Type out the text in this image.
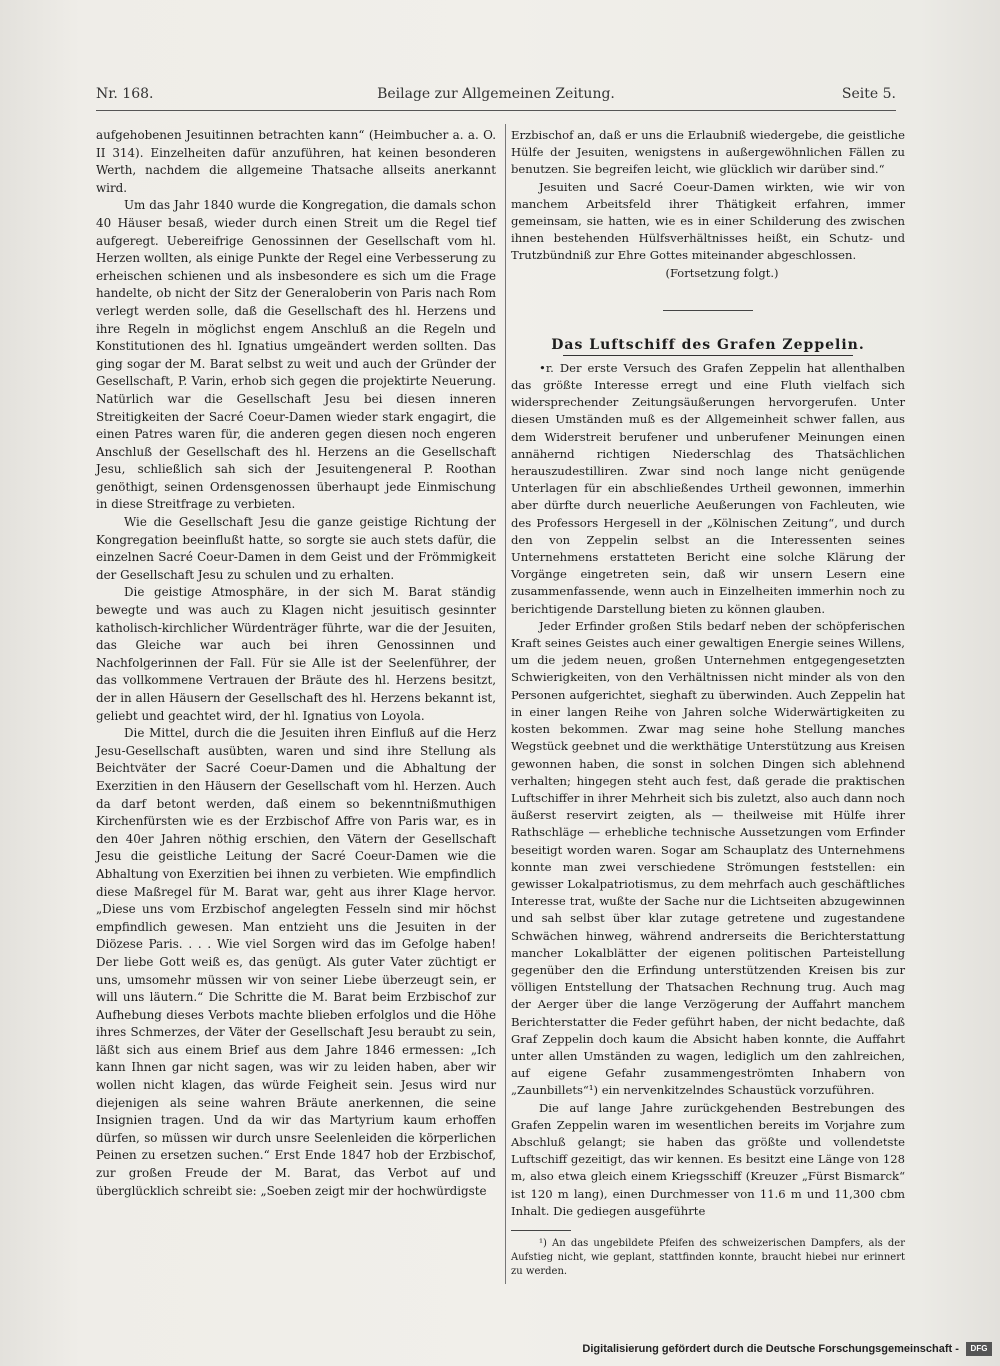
Nr. 168.	Beilage zur Allgemeinen Zeitung.	Seite 5.

aufgehobenen Jesuitinnen betrachten kann“ (Heimbucher a. a. O. II 314). Einzelheiten dafür anzuführen, hat keinen besonderen Werth, nachdem die allgemeine Thatsache allseits anerkannt wird.

Um das Jahr 1840 wurde die Kongregation, die damals schon 40 Häuser besaß, wieder durch einen Streit um die Regel tief aufgeregt. Uebereifrige Genossinnen der Gesellschaft vom hl. Herzen wollten, als einige Punkte der Regel eine Verbesserung zu erheischen schienen und als insbesondere es sich um die Frage handelte, ob nicht der Sitz der Generaloberin von Paris nach Rom verlegt werden solle, daß die Gesellschaft des hl. Herzens und ihre Regeln in möglichst engem Anschluß an die Regeln und Konstitutionen des hl. Ignatius umgeändert werden sollten. Das ging sogar der M. Barat selbst zu weit und auch der Gründer der Gesellschaft, P. Varin, erhob sich gegen die projektirte Neuerung. Natürlich war die Gesellschaft Jesu bei diesen inneren Streitigkeiten der Sacré Coeur-Damen wieder stark engagirt, die einen Patres waren für, die anderen gegen diesen noch engeren Anschluß der Gesellschaft des hl. Herzens an die Gesellschaft Jesu, schließlich sah sich der Jesuitengeneral P. Roothan genöthigt, seinen Ordensgenossen überhaupt jede Einmischung in diese Streitfrage zu verbieten.

Wie die Gesellschaft Jesu die ganze geistige Richtung der Kongregation beeinflußt hatte, so sorgte sie auch stets dafür, die einzelnen Sacré Coeur-Damen in dem Geist und der Frömmigkeit der Gesellschaft Jesu zu schulen und zu erhalten.

Die geistige Atmosphäre, in der sich M. Barat ständig bewegte und was auch zu Klagen nicht jesuitisch gesinnter katholisch-kirchlicher Würdenträger führte, war die der Jesuiten, das Gleiche war auch bei ihren Genossinnen und Nachfolgerinnen der Fall. Für sie Alle ist der Seelenführer, der das vollkommene Vertrauen der Bräute des hl. Herzens besitzt, der in allen Häusern der Gesellschaft des hl. Herzens bekannt ist, geliebt und geachtet wird, der hl. Ignatius von Loyola.

Die Mittel, durch die die Jesuiten ihren Einfluß auf die Herz Jesu-Gesellschaft ausübten, waren und sind ihre Stellung als Beichtväter der Sacré Coeur-Damen und die Abhaltung der Exerzitien in den Häusern der Gesellschaft vom hl. Herzen. Auch da darf betont werden, daß einem so bekenntnißmuthigen Kirchenfürsten wie es der Erzbischof Affre von Paris war, es in den 40er Jahren nöthig erschien, den Vätern der Gesellschaft Jesu die geistliche Leitung der Sacré Coeur-Damen wie die Abhaltung von Exerzitien bei ihnen zu verbieten. Wie empfindlich diese Maßregel für M. Barat war, geht aus ihrer Klage hervor. „Diese uns vom Erzbischof angelegten Fesseln sind mir höchst empfindlich gewesen. Man entzieht uns die Jesuiten in der Diözese Paris. . . . Wie viel Sorgen wird das im Gefolge haben! Der liebe Gott weiß es, das genügt. Als guter Vater züchtigt er uns, umsomehr müssen wir von seiner Liebe überzeugt sein, er will uns läutern.“ Die Schritte die M. Barat beim Erzbischof zur Aufhebung dieses Verbots machte blieben erfolglos und die Höhe ihres Schmerzes, der Väter der Gesellschaft Jesu beraubt zu sein, läßt sich aus einem Brief aus dem Jahre 1846 ermessen: „Ich kann Ihnen gar nicht sagen, was wir zu leiden haben, aber wir wollen nicht klagen, das würde Feigheit sein. Jesus wird nur diejenigen als seine wahren Bräute anerkennen, die seine Insignien tragen. Und da wir das Martyrium kaum erhoffen dürfen, so müssen wir durch unsre Seelenleiden die körperlichen Peinen zu ersetzen suchen.“ Erst Ende 1847 hob der Erzbischof, zur großen Freude der M. Barat, das Verbot auf und überglücklich schreibt sie: „Soeben zeigt mir der hochwürdigste

Erzbischof an, daß er uns die Erlaubniß wiedergebe, die geistliche Hülfe der Jesuiten, wenigstens in außergewöhnlichen Fällen zu benutzen. Sie begreifen leicht, wie glücklich wir darüber sind.“

Jesuiten und Sacré Coeur-Damen wirkten, wie wir von manchem Arbeitsfeld ihrer Thätigkeit erfahren, immer gemeinsam, sie hatten, wie es in einer Schilderung des zwischen ihnen bestehenden Hülfsverhältnisses heißt, ein Schutz- und Trutzbündniß zur Ehre Gottes miteinander abgeschlossen.

(Fortsetzung folgt.)

Das Luftschiff des Grafen Zeppelin.

•r. Der erste Versuch des Grafen Zeppelin hat allenthalben das größte Interesse erregt und eine Fluth vielfach sich widersprechender Zeitungsäußerungen hervorgerufen. Unter diesen Umständen muß es der Allgemeinheit schwer fallen, aus dem Widerstreit berufener und unberufener Meinungen einen annähernd richtigen Niederschlag des Thatsächlichen herauszudestilliren. Zwar sind noch lange nicht genügende Unterlagen für ein abschließendes Urtheil gewonnen, immerhin aber dürfte durch neuerliche Aeußerungen von Fachleuten, wie des Professors Hergesell in der „Kölnischen Zeitung“, und durch den von Zeppelin selbst an die Interessenten seines Unternehmens erstatteten Bericht eine solche Klärung der Vorgänge eingetreten sein, daß wir unsern Lesern eine zusammenfassende, wenn auch in Einzelheiten immerhin noch zu berichtigende Darstellung bieten zu können glauben.

Jeder Erfinder großen Stils bedarf neben der schöpferischen Kraft seines Geistes auch einer gewaltigen Energie seines Willens, um die jedem neuen, großen Unternehmen entgegengesetzten Schwierigkeiten, von den Verhältnissen nicht minder als von den Personen aufgerichtet, sieghaft zu überwinden. Auch Zeppelin hat in einer langen Reihe von Jahren solche Widerwärtigkeiten zu kosten bekommen. Zwar mag seine hohe Stellung manches Wegstück geebnet und die werkthätige Unterstützung aus Kreisen gewonnen haben, die sonst in solchen Dingen sich ablehnend verhalten; hingegen steht auch fest, daß gerade die praktischen Luftschiffer in ihrer Mehrheit sich bis zuletzt, also auch dann noch äußerst reservirt zeigten, als — theilweise mit Hülfe ihrer Rathschläge — erhebliche technische Aussetzungen vom Erfinder beseitigt worden waren. Sogar am Schauplatz des Unternehmens konnte man zwei verschiedene Strömungen feststellen: ein gewisser Lokalpatriotismus, zu dem mehrfach auch geschäftliches Interesse trat, wußte der Sache nur die Lichtseiten abzugewinnen und sah selbst über klar zutage getretene und zugestandene Schwächen hinweg, während andrerseits die Berichterstattung mancher Lokalblätter der eigenen politischen Parteistellung gegenüber den die Erfindung unterstützenden Kreisen bis zur völligen Entstellung der Thatsachen Rechnung trug. Auch mag der Aerger über die lange Verzögerung der Auffahrt manchem Berichterstatter die Feder geführt haben, der nicht bedachte, daß Graf Zeppelin doch kaum die Absicht haben konnte, die Auffahrt unter allen Umständen zu wagen, lediglich um den zahlreichen, auf eigene Gefahr zusammengeströmten Inhabern von „Zaunbillets“¹) ein nervenkitzelndes Schaustück vorzuführen.

Die auf lange Jahre zurückgehenden Bestrebungen des Grafen Zeppelin waren im wesentlichen bereits im Vorjahre zum Abschluß gelangt; sie haben das größte und vollendetste Luftschiff gezeitigt, das wir kennen. Es besitzt eine Länge von 128 m, also etwa gleich einem Kriegsschiff (Kreuzer „Fürst Bismarck“ ist 120 m lang), einen Durchmesser von 11.6 m und 11,300 cbm Inhalt. Die gediegen ausgeführte

¹) An das ungebildete Pfeifen des schweizerischen Dampfers, als der Aufstieg nicht, wie geplant, stattfinden konnte, braucht hiebei nur erinnert zu werden.

Digitalisierung gefördert durch die Deutsche Forschungsgemeinschaft - DFG
